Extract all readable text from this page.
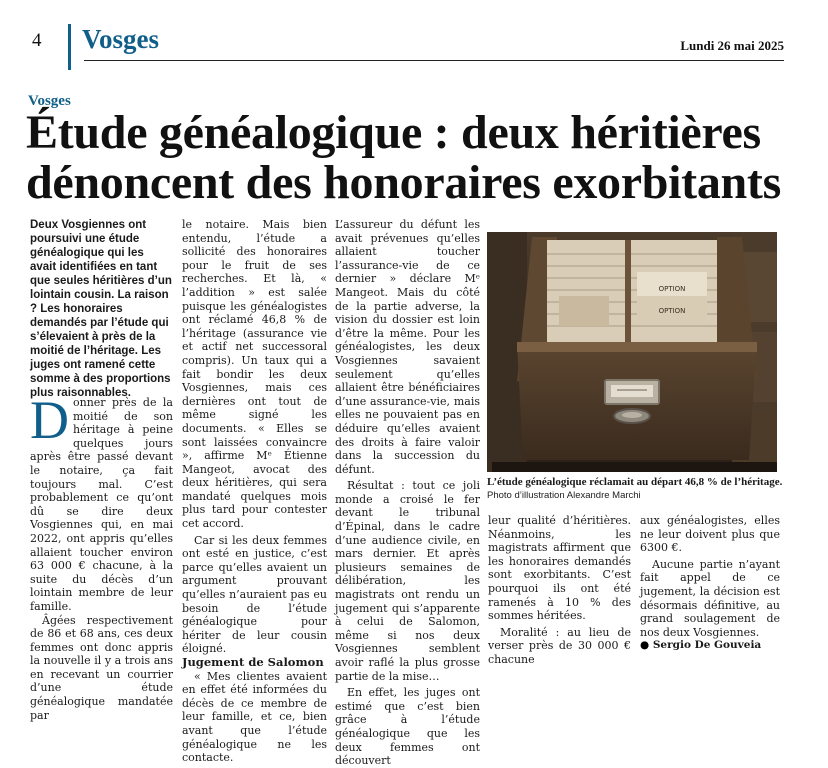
4 Vosges	Lundi 26 mai 2025
Vosges
Étude généalogique : deux héritières dénoncent des honoraires exorbitants

Deux Vosgiennes ont poursuivi une étude généalogique qui les avait identifiées en tant que seules héritières d’un lointain cousin. La raison ? Les honoraires demandés par l’étude qui s’élevaient à près de la moitié de l’héritage. Les juges ont ramené cette somme à des proportions plus raisonnables.

Donner près de la moitié de son héritage à peine quelques jours après être passé devant le notaire, ça fait toujours mal. C’est probablement ce qu’ont dû se dire deux Vosgiennes qui, en mai 2022, ont appris qu’elles allaient toucher environ 63 000 € chacune, à la suite du décès d’un lointain membre de leur famille.

Âgées respectivement de 86 et 68 ans, ces deux femmes ont donc appris la nouvelle il y a trois ans en recevant un courrier d’une étude généalogique mandatée par

le notaire. Mais bien entendu, l’étude a sollicité des honoraires pour le fruit de ses recherches. Et là, « l’addition » est salée puisque les généalogistes ont réclamé 46,8 % de l’héritage (assurance vie et actif net successoral compris). Un taux qui a fait bondir les deux Vosgiennes, mais ces dernières ont tout de même signé les documents. « Elles se sont laissées convaincre », affirme Mᵉ Étienne Mangeot, avocat des deux héritières, qui sera mandaté quelques mois plus tard pour contester cet accord.

Car si les deux femmes ont esté en justice, c’est parce qu’elles avaient un argument prouvant qu’elles n’auraient pas eu besoin de l’étude généalogique pour hériter de leur cousin éloigné.

Jugement de Salomon

« Mes clientes avaient en effet été informées du décès de ce membre de leur famille, et ce, bien avant que l’étude généalogique ne les contacte.

L’assureur du défunt les avait prévenues qu’elles allaient toucher l’assurance-vie de ce dernier » déclare Mᵉ Mangeot. Mais du côté de la partie adverse, la vision du dossier est loin d’être la même. Pour les généalogistes, les deux Vosgiennes savaient seulement qu’elles allaient être bénéficiaires d’une assurance-vie, mais elles ne pouvaient pas en déduire qu’elles avaient des droits à faire valoir dans la succession du défunt.

Résultat : tout ce joli monde a croisé le fer devant le tribunal d’Épinal, dans le cadre d’une audience civile, en mars dernier. Et après plusieurs semaines de délibération, les magistrats ont rendu un jugement qui s’apparente à celui de Salomon, même si nos deux Vosgiennes semblent avoir raflé la plus grosse partie de la mise…

En effet, les juges ont estimé que c’est bien grâce à l’étude généalogique que les deux femmes ont découvert

OPTION
OPTION
L’étude généalogique réclamait au départ 46,8 % de l’héritage.
Photo d’illustration Alexandre Marchi

leur qualité d’héritières. Néanmoins, les magistrats affirment que les honoraires demandés sont exorbitants. C’est pourquoi ils ont été ramenés à 10 % des sommes héritées.

Moralité : au lieu de verser près de 30 000 € chacune

aux généalogistes, elles ne leur doivent plus que 6300 €.

Aucune partie n’ayant fait appel de ce jugement, la décision est désormais définitive, au grand soulagement de nos deux Vosgiennes.

● Sergio De Gouveia
